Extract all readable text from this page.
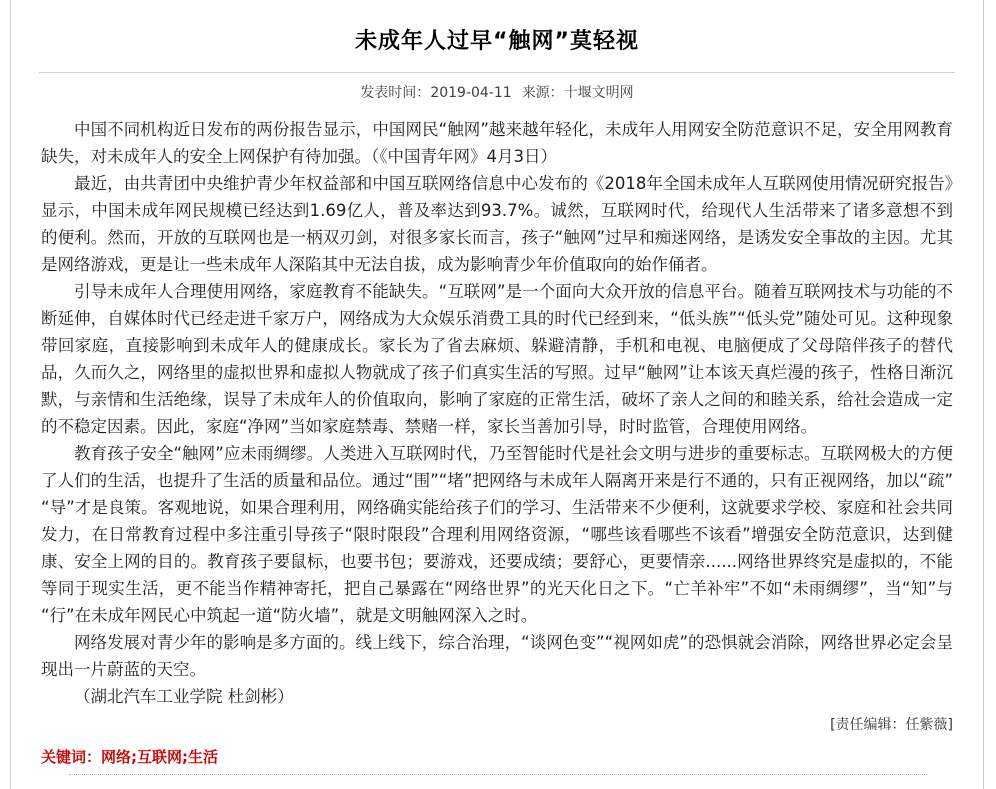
未成年人过早“触网”莫轻视
发表时间：2019-04-11 来源：十堰文明网

中国不同机构近日发布的两份报告显示，中国网民“触网”越来越年轻化，未成年人用网安全防范意识不足，安全用网教育缺失，对未成年人的安全上网保护有待加强。（《中国青年网》4月3日）

最近，由共青团中央维护青少年权益部和中国互联网络信息中心发布的《2018年全国未成年人互联网使用情况研究报告》显示，中国未成年网民规模已经达到1.69亿人，普及率达到93.7%。诚然，互联网时代，给现代人生活带来了诸多意想不到的便利。然而，开放的互联网也是一柄双刃剑，对很多家长而言，孩子“触网”过早和痴迷网络，是诱发安全事故的主因。尤其是网络游戏，更是让一些未成年人深陷其中无法自拔，成为影响青少年价值取向的始作俑者。

引导未成年人合理使用网络，家庭教育不能缺失。“互联网”是一个面向大众开放的信息平台。随着互联网技术与功能的不断延伸，自媒体时代已经走进千家万户，网络成为大众娱乐消费工具的时代已经到来，“低头族”“低头党”随处可见。这种现象带回家庭，直接影响到未成年人的健康成长。家长为了省去麻烦、躲避清静，手机和电视、电脑便成了父母陪伴孩子的替代品，久而久之，网络里的虚拟世界和虚拟人物就成了孩子们真实生活的写照。过早“触网”让本该天真烂漫的孩子，性格日渐沉默，与亲情和生活绝缘，误导了未成年人的价值取向，影响了家庭的正常生活，破坏了亲人之间的和睦关系，给社会造成一定的不稳定因素。因此，家庭“净网”当如家庭禁毒、禁赌一样，家长当善加引导，时时监管，合理使用网络。

教育孩子安全“触网”应未雨绸缪。人类进入互联网时代，乃至智能时代是社会文明与进步的重要标志。互联网极大的方便了人们的生活，也提升了生活的质量和品位。通过“围”“堵”把网络与未成年人隔离开来是行不通的，只有正视网络，加以“疏”“导”才是良策。客观地说，如果合理利用，网络确实能给孩子们的学习、生活带来不少便利，这就要求学校、家庭和社会共同发力，在日常教育过程中多注重引导孩子“限时限段”合理利用网络资源，“哪些该看哪些不该看”增强安全防范意识，达到健康、安全上网的目的。教育孩子要鼠标，也要书包；要游戏，还要成绩；要舒心，更要情亲......网络世界终究是虚拟的，不能等同于现实生活，更不能当作精神寄托，把自己暴露在“网络世界”的光天化日之下。“亡羊补牢”不如“未雨绸缪”，当“知”与“行”在未成年网民心中筑起一道“防火墙”，就是文明触网深入之时。

网络发展对青少年的影响是多方面的。线上线下，综合治理，“谈网色变”“视网如虎”的恐惧就会消除，网络世界必定会呈现出一片蔚蓝的天空。

（湖北汽车工业学院 杜剑彬）

[责任编辑：任紫薇]
关键词：网络;互联网;生活
